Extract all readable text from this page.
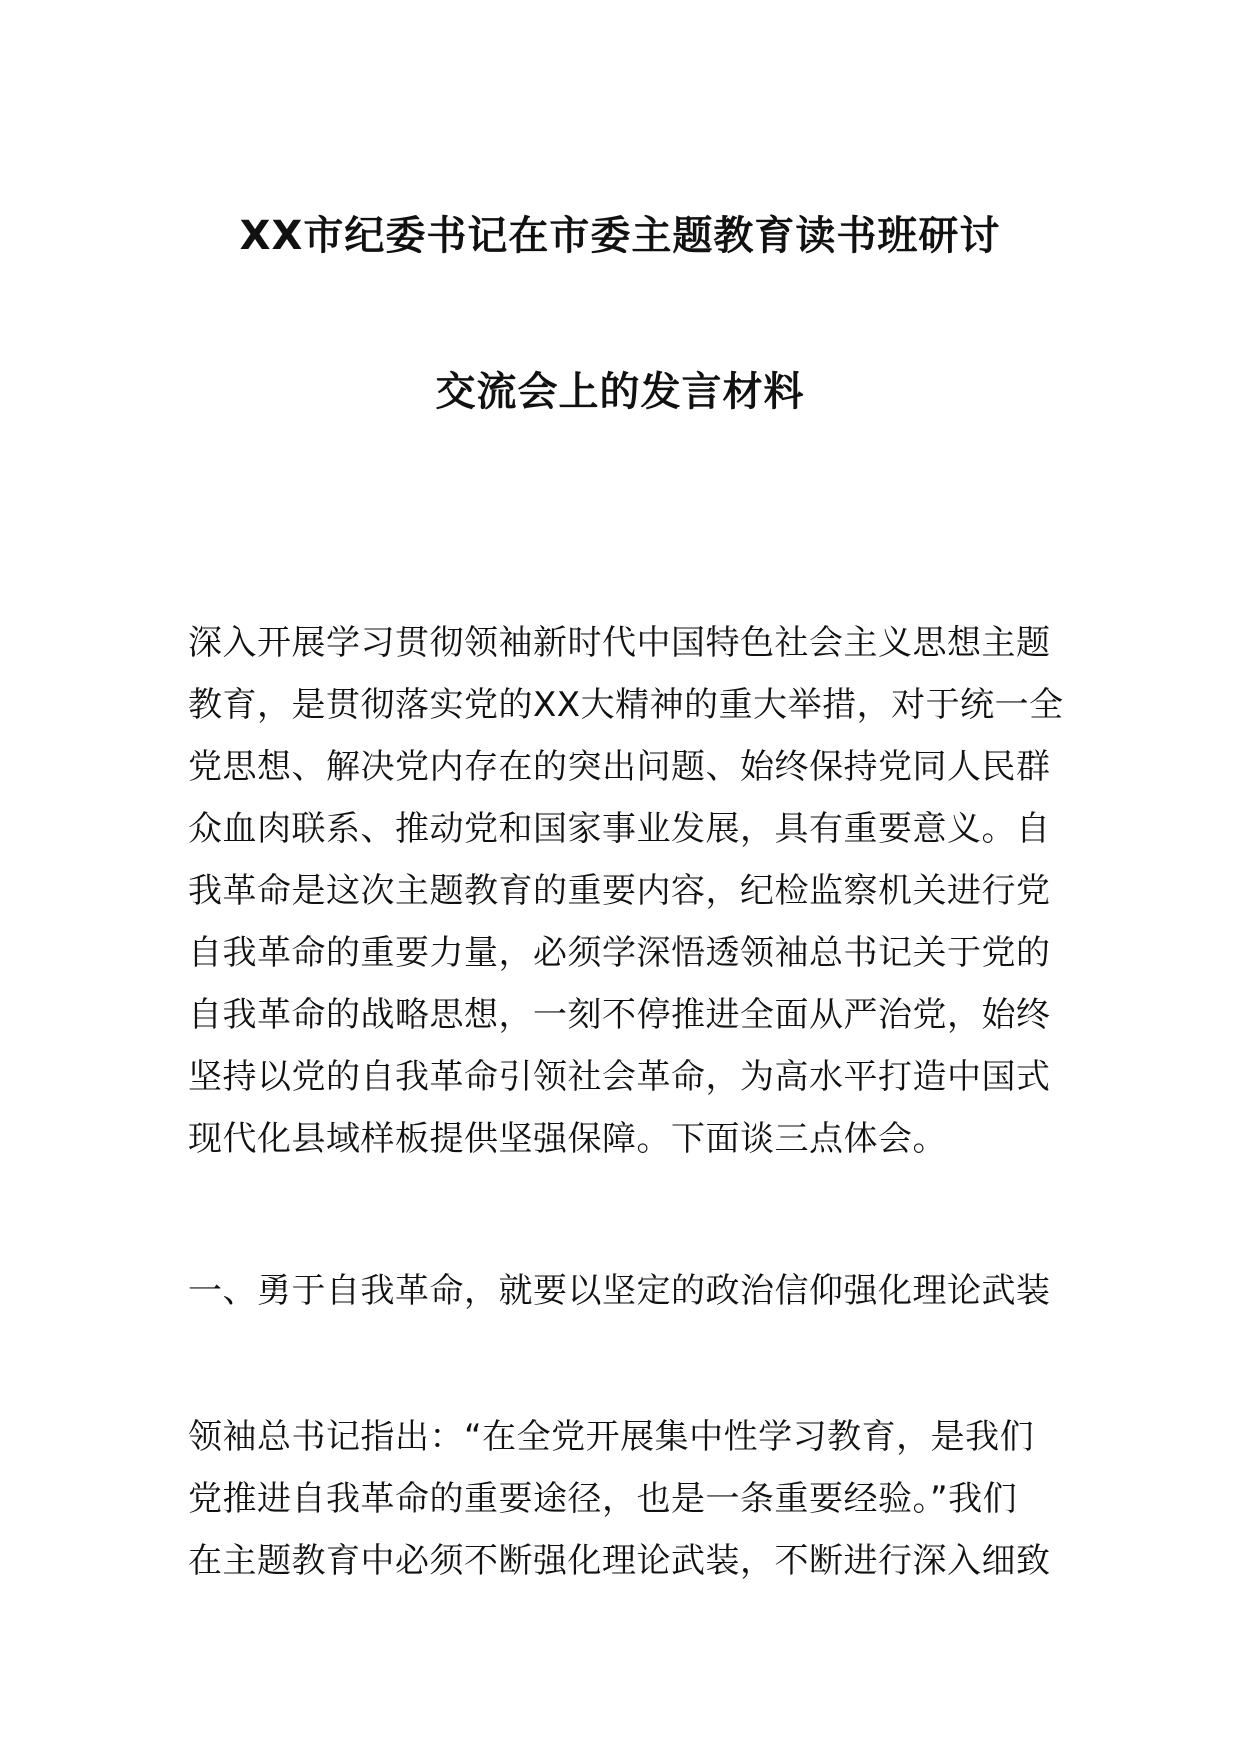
XX市纪委书记在市委主题教育读书班研讨
交流会上的发言材料
深入开展学习贯彻领袖新时代中国特色社会主义思想主题
教育，是贯彻落实党的XX大精神的重大举措，对于统一全
党思想、解决党内存在的突出问题、始终保持党同人民群
众血肉联系、推动党和国家事业发展，具有重要意义。自
我革命是这次主题教育的重要内容，纪检监察机关进行党
自我革命的重要力量，必须学深悟透领袖总书记关于党的
自我革命的战略思想，一刻不停推进全面从严治党，始终
坚持以党的自我革命引领社会革命，为高水平打造中国式
现代化县域样板提供坚强保障。下面谈三点体会。
一、勇于自我革命，就要以坚定的政治信仰强化理论武装
领袖总书记指出：“在全党开展集中性学习教育，是我们
党推进自我革命的重要途径，也是一条重要经验。”我们
在主题教育中必须不断强化理论武装，不断进行深入细致
